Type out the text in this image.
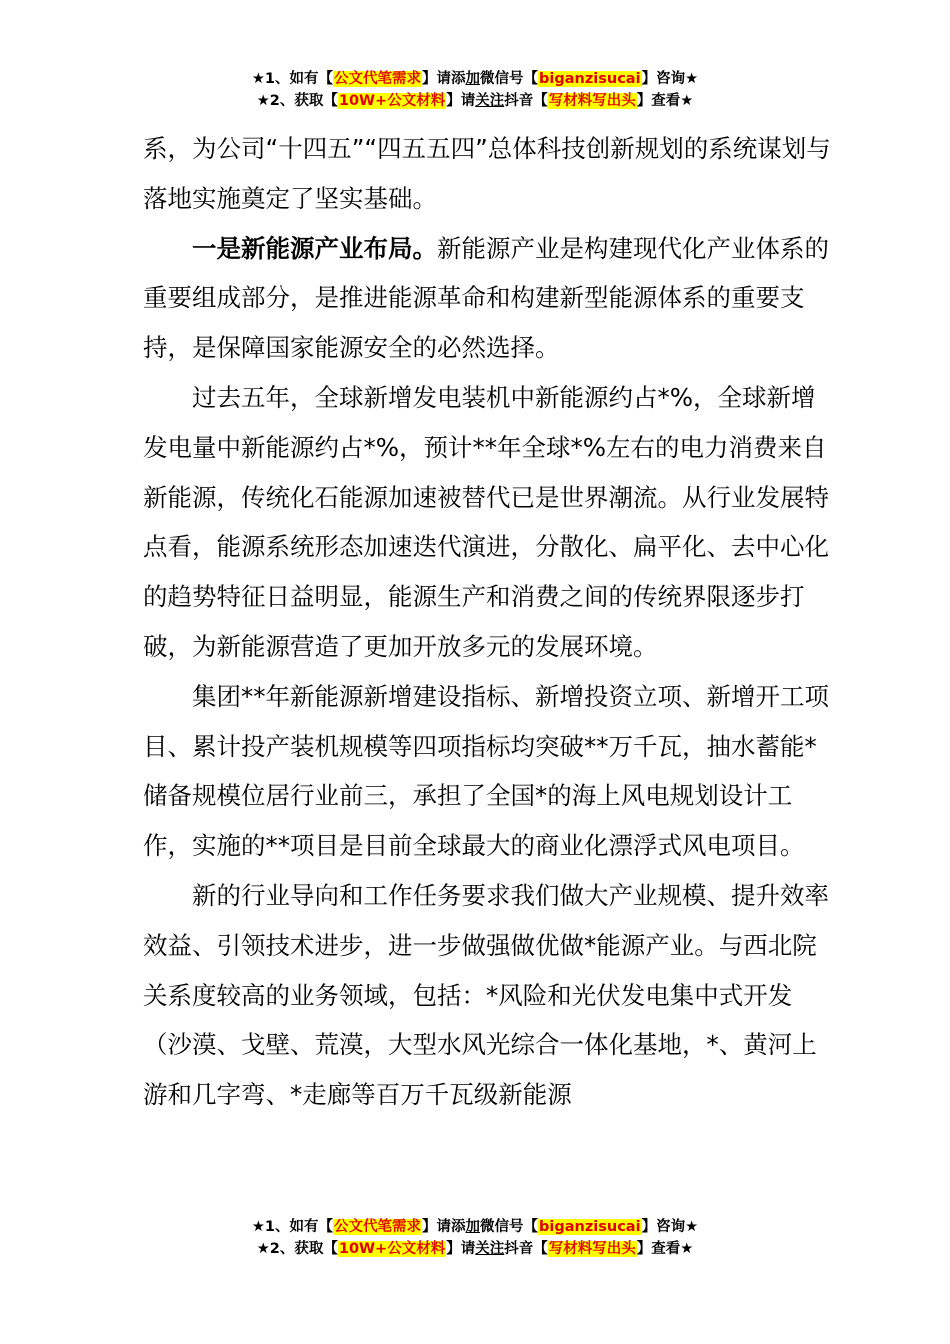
★1、如有【公文代笔需求】请添加微信号【biganzisucai】咨询★
★2、获取【10W+公文材料】请关注抖音【写材料写出头】查看★

系，为公司“十四五”“四五五四”总体科技创新规划的系统谋划与落地实施奠定了坚实基础。

一是新能源产业布局。新能源产业是构建现代化产业体系的重要组成部分，是推进能源革命和构建新型能源体系的重要支持，是保障国家能源安全的必然选择。

过去五年，全球新增发电装机中新能源约占*%，全球新增发电量中新能源约占*%，预计**年全球*%左右的电力消费来自新能源，传统化石能源加速被替代已是世界潮流。从行业发展特点看，能源系统形态加速迭代演进，分散化、扁平化、去中心化的趋势特征日益明显，能源生产和消费之间的传统界限逐步打破，为新能源营造了更加开放多元的发展环境。

集团**年新能源新增建设指标、新增投资立项、新增开工项目、累计投产装机规模等四项指标均突破**万千瓦，抽水蓄能*储备规模位居行业前三，承担了全国*的海上风电规划设计工作，实施的**项目是目前全球最大的商业化漂浮式风电项目。

新的行业导向和工作任务要求我们做大产业规模、提升效率效益、引领技术进步，进一步做强做优做*能源产业。与西北院关系度较高的业务领域，包括：*风险和光伏发电集中式开发（沙漠、戈壁、荒漠，大型水风光综合一体化基地，*、黄河上游和几字弯、*走廊等百万千瓦级新能源

★1、如有【公文代笔需求】请添加微信号【biganzisucai】咨询★
★2、获取【10W+公文材料】请关注抖音【写材料写出头】查看★
